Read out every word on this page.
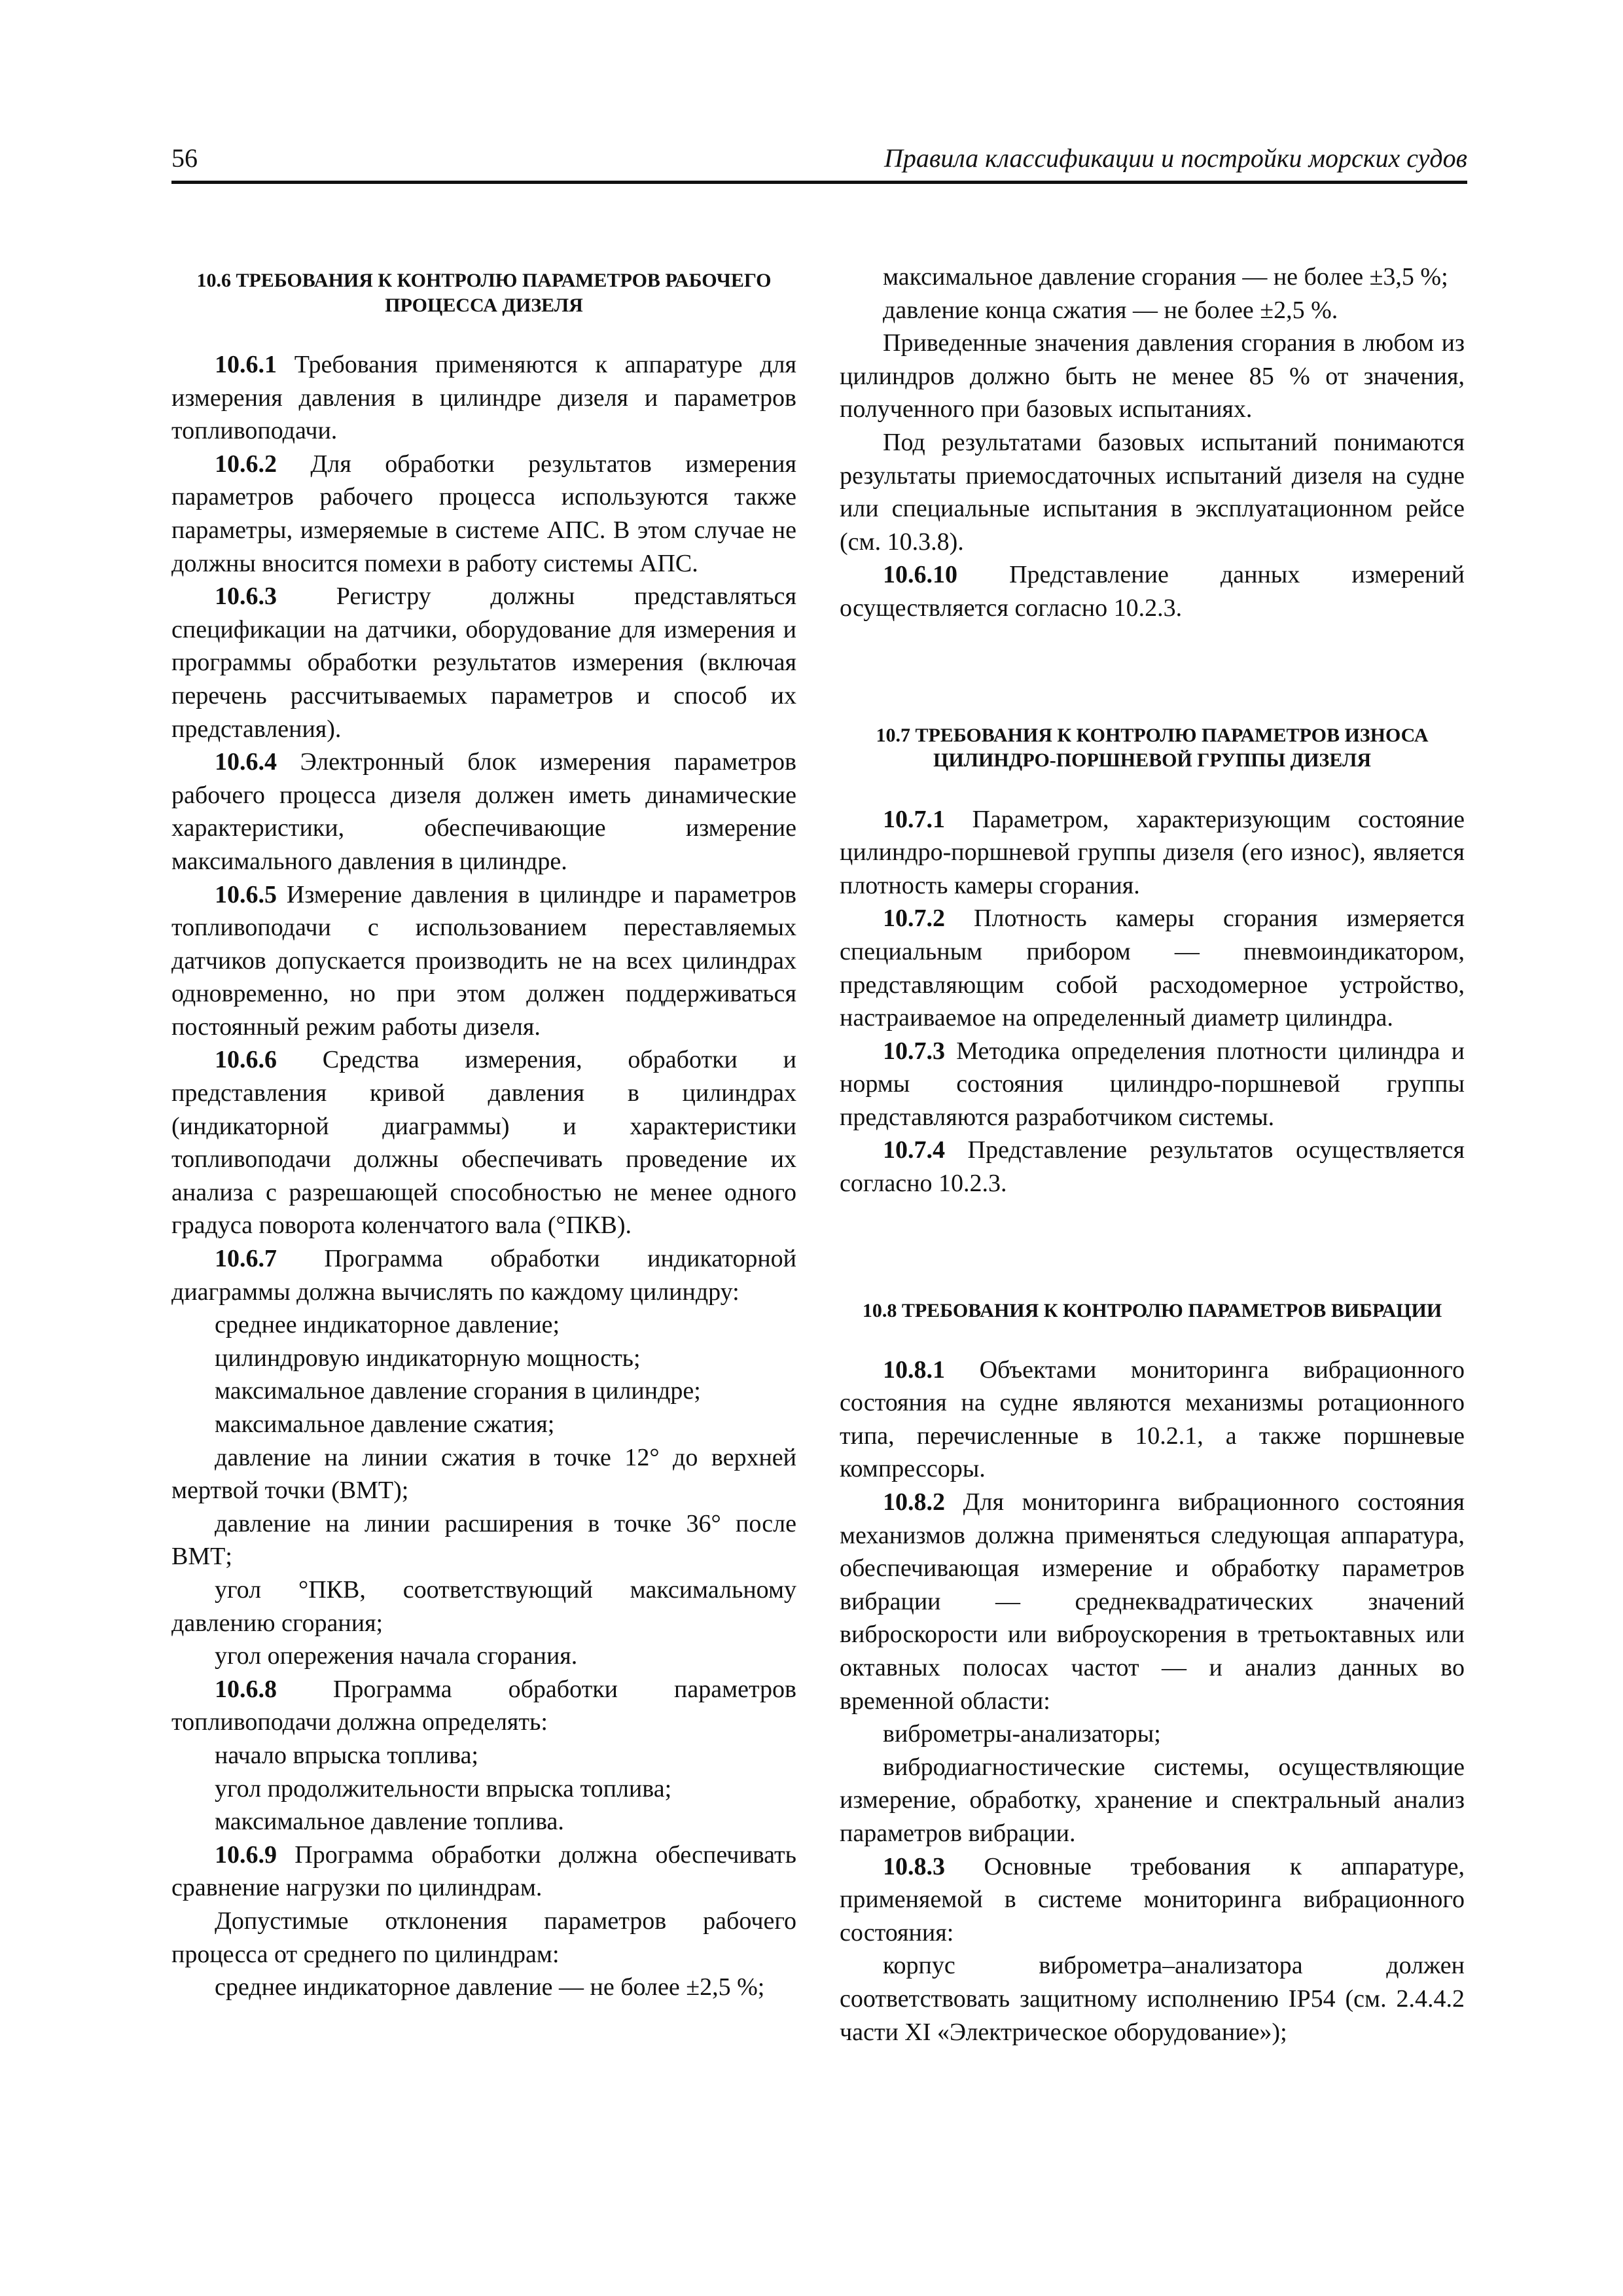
56	Правила классификации и постройки морских судов

10.6 ТРЕБОВАНИЯ К КОНТРОЛЮ ПАРАМЕТРОВ РАБОЧЕГО ПРОЦЕССА ДИЗЕЛЯ

10.6.1 Требования применяются к аппаратуре для измерения давления в цилиндре дизеля и параметров топливоподачи.

10.6.2 Для обработки результатов измерения параметров рабочего процесса используются также параметры, измеряемые в системе АПС. В этом случае не должны вносится помехи в работу системы АПС.

10.6.3 Регистру должны представляться спецификации на датчики, оборудование для измерения и программы обработки результатов измерения (включая перечень рассчитываемых параметров и способ их представления).

10.6.4 Электронный блок измерения параметров рабочего процесса дизеля должен иметь динамические характеристики, обеспечивающие измерение максимального давления в цилиндре.

10.6.5 Измерение давления в цилиндре и параметров топливоподачи с использованием переставляемых датчиков допускается производить не на всех цилиндрах одновременно, но при этом должен поддерживаться постоянный режим работы дизеля.

10.6.6 Средства измерения, обработки и представления кривой давления в цилиндрах (индикаторной диаграммы) и характеристики топливоподачи должны обеспечивать проведение их анализа с разрешающей способностью не менее одного градуса поворота коленчатого вала (°ПКВ).

10.6.7 Программа обработки индикаторной диаграммы должна вычислять по каждому цилиндру:

среднее индикаторное давление;

цилиндровую индикаторную мощность;

максимальное давление сгорания в цилиндре;

максимальное давление сжатия;

давление на линии сжатия в точке 12° до верхней мертвой точки (ВМТ);

давление на линии расширения в точке 36° после ВМТ;

угол °ПКВ, соответствующий максимальному давлению сгорания;

угол опережения начала сгорания.

10.6.8 Программа обработки параметров топливоподачи должна определять:

начало впрыска топлива;

угол продолжительности впрыска топлива;

максимальное давление топлива.

10.6.9 Программа обработки должна обеспечивать сравнение нагрузки по цилиндрам.

Допустимые отклонения параметров рабочего процесса от среднего по цилиндрам:

среднее индикаторное давление — не более ±2,5 %;

максимальное давление сгорания — не более ±3,5 %;

давление конца сжатия — не более ±2,5 %.

Приведенные значения давления сгорания в любом из цилиндров должно быть не менее 85 % от значения, полученного при базовых испытаниях.

Под результатами базовых испытаний понимаются результаты приемосдаточных испытаний дизеля на судне или специальные испытания в эксплуатационном рейсе (см. 10.3.8).

10.6.10 Представление данных измерений осуществляется согласно 10.2.3.

10.7 ТРЕБОВАНИЯ К КОНТРОЛЮ ПАРАМЕТРОВ ИЗНОСА ЦИЛИНДРО-ПОРШНЕВОЙ ГРУППЫ ДИЗЕЛЯ

10.7.1 Параметром, характеризующим состояние цилиндро-поршневой группы дизеля (его износ), является плотность камеры сгорания.

10.7.2 Плотность камеры сгорания измеряется специальным прибором — пневмоиндикатором, представляющим собой расходомерное устройство, настраиваемое на определенный диаметр цилиндра.

10.7.3 Методика определения плотности цилиндра и нормы состояния цилиндро-поршневой группы представляются разработчиком системы.

10.7.4 Представление результатов осуществляется согласно 10.2.3.

10.8 ТРЕБОВАНИЯ К КОНТРОЛЮ ПАРАМЕТРОВ ВИБРАЦИИ

10.8.1 Объектами мониторинга вибрационного состояния на судне являются механизмы ротационного типа, перечисленные в 10.2.1, а также поршневые компрессоры.

10.8.2 Для мониторинга вибрационного состояния механизмов должна применяться следующая аппаратура, обеспечивающая измерение и обработку параметров вибрации — среднеквадратических значений виброскорости или виброускорения в третьоктавных или октавных полосах частот — и анализ данных во временной области:

виброметры-анализаторы;

вибродиагностические системы, осуществляющие измерение, обработку, хранение и спектральный анализ параметров вибрации.

10.8.3 Основные требования к аппаратуре, применяемой в системе мониторинга вибрационного состояния:

корпус виброметра–анализатора должен соответствовать защитному исполнению IP54 (см. 2.4.4.2 части XI «Электрическое оборудование»);
